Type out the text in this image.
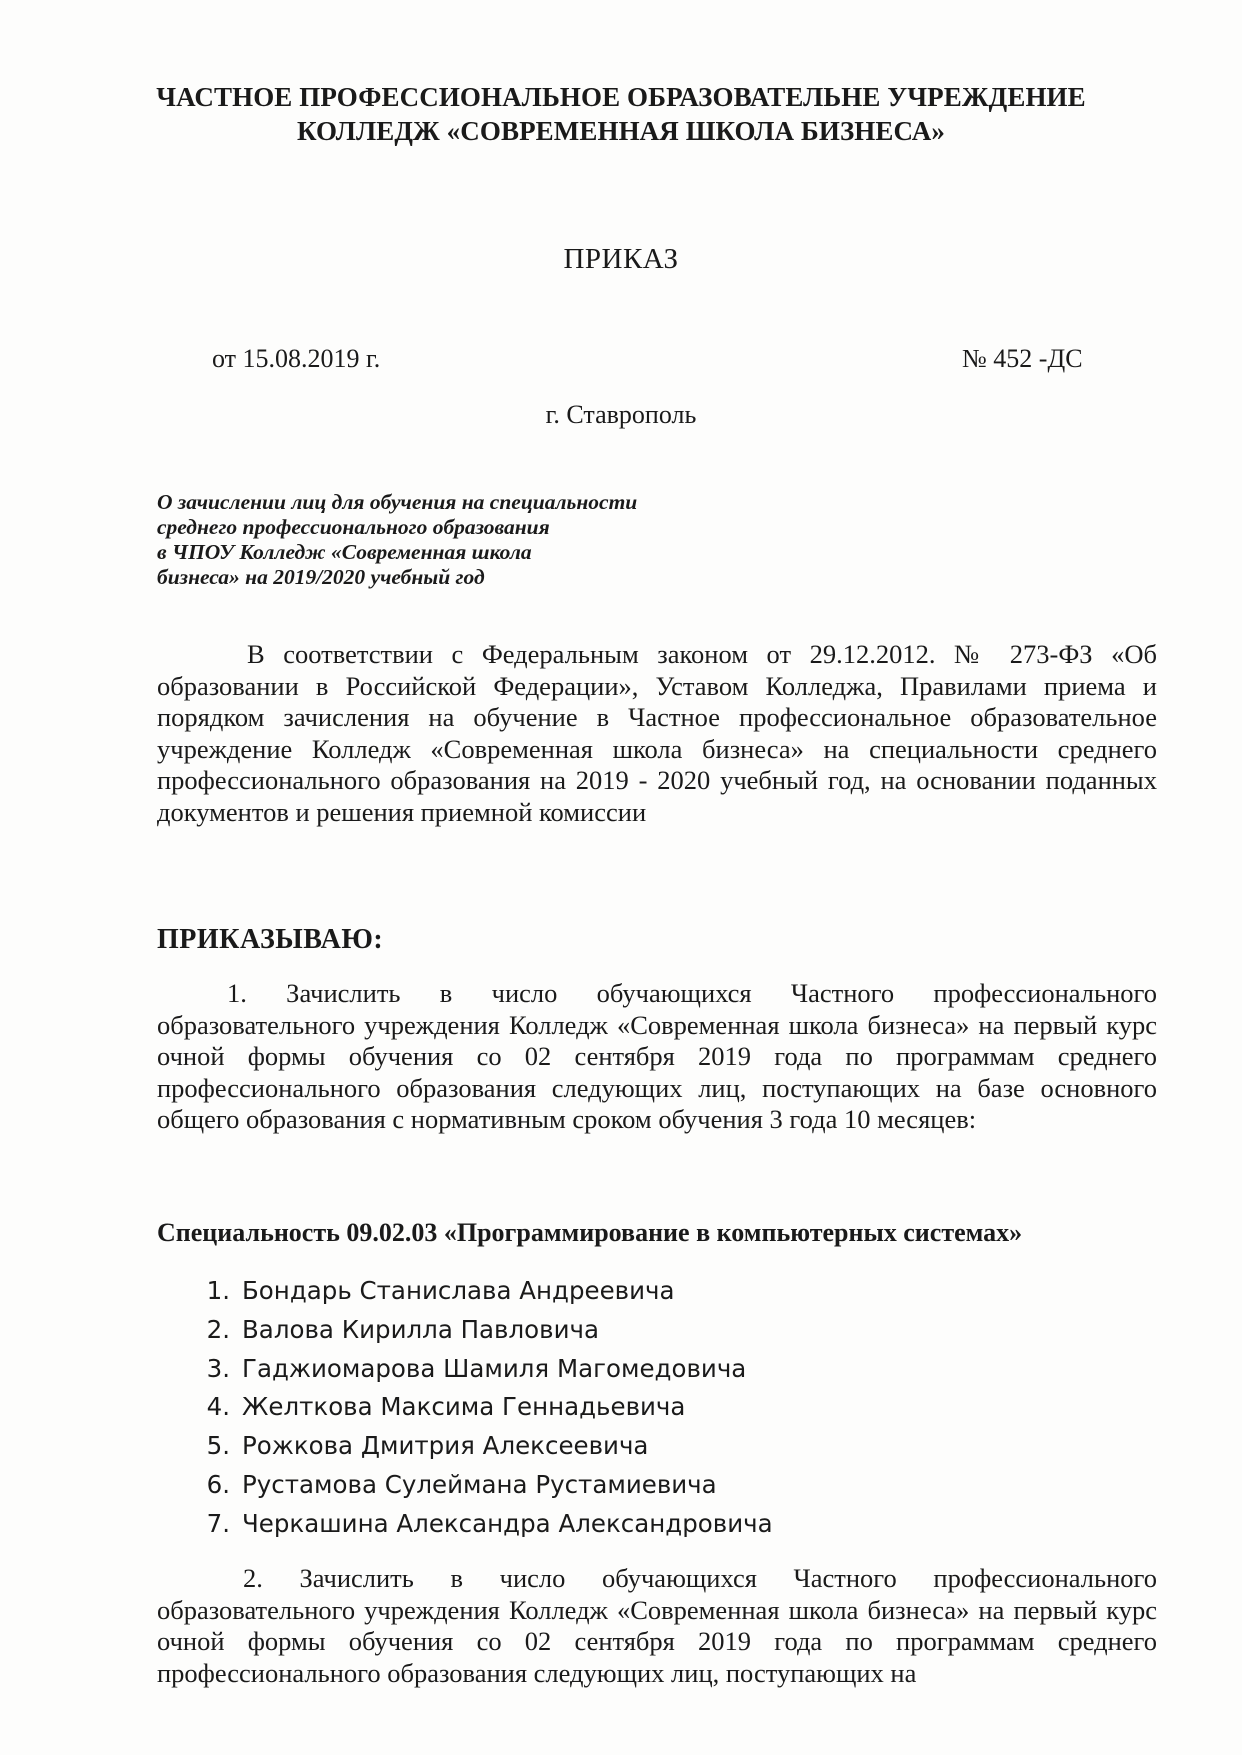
ЧАСТНОЕ ПРОФЕССИОНАЛЬНОЕ ОБРАЗОВАТЕЛЬНЕ УЧРЕЖДЕНИЕ
КОЛЛЕДЖ «СОВРЕМЕННАЯ ШКОЛА БИЗНЕСА»
ПРИКАЗ
от 15.08.2019 г.	№ 452 -ДС
г. Ставрополь
О зачислении лиц для обучения на специальности
среднего профессионального образования
в ЧПОУ Колледж «Современная школа
бизнеса» на 2019/2020 учебный год
В соответствии с Федеральным законом от 29.12.2012. № 273-ФЗ «Об образовании в Российской Федерации», Уставом Колледжа, Правилами приема и порядком зачисления на обучение в Частное профессиональное образовательное учреждение Колледж «Современная школа бизнеса» на специальности среднего профессионального образования на 2019 - 2020 учебный год, на основании поданных документов и решения приемной комиссии
ПРИКАЗЫВАЮ:
1. Зачислить в число обучающихся Частного профессионального образовательного учреждения Колледж «Современная школа бизнеса» на первый курс очной формы обучения со 02 сентября 2019 года по программам среднего профессионального образования следующих лиц, поступающих на базе основного общего образования с нормативным сроком обучения 3 года 10 месяцев:
Специальность 09.02.03 «Программирование в компьютерных системах»
1. Бондарь Станислава Андреевича
2. Валова Кирилла Павловича
3. Гаджиомарова Шамиля Магомедовича
4. Желткова Максима Геннадьевича
5. Рожкова Дмитрия Алексеевича
6. Рустамова Сулеймана Рустамиевича
7. Черкашина Александра Александровича
2. Зачислить в число обучающихся Частного профессионального образовательного учреждения Колледж «Современная школа бизнеса» на первый курс очной формы обучения со 02 сентября 2019 года по программам среднего профессионального образования следующих лиц, поступающих на
